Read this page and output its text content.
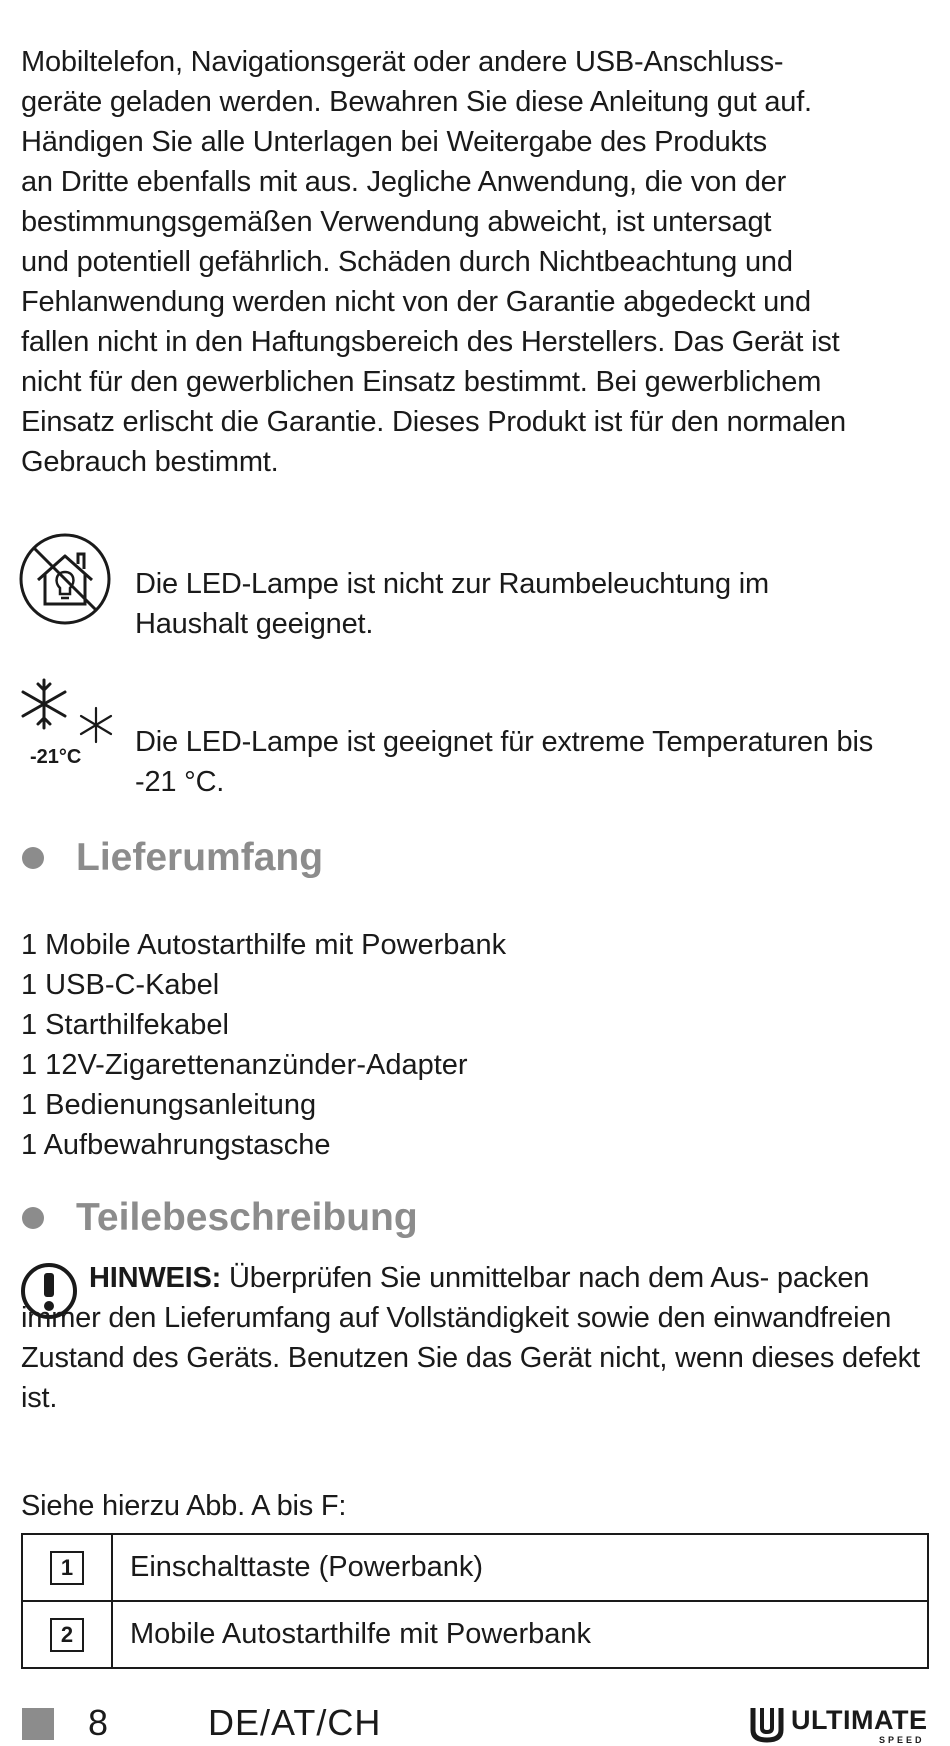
Mobiltelefon, Navigationsgerät oder andere USB-Anschluss-
geräte geladen werden. Bewahren Sie diese Anleitung gut auf.
Händigen Sie alle Unterlagen bei Weitergabe des Produkts
an Dritte ebenfalls mit aus. Jegliche Anwendung, die von der
bestimmungsgemäßen Verwendung abweicht, ist untersagt
und potentiell gefährlich. Schäden durch Nichtbeachtung und
Fehlanwendung werden nicht von der Garantie abgedeckt und
fallen nicht in den Haftungsbereich des Herstellers. Das Gerät ist
nicht für den gewerblichen Einsatz bestimmt. Bei gewerblichem
Einsatz erlischt die Garantie. Dieses Produkt ist für den normalen
Gebrauch bestimmt.

Die LED-Lampe ist nicht zur Raumbeleuchtung im
Haushalt geeignet.

-21°C Die LED-Lampe ist geeignet für extreme Temperaturen bis
-21 °C.

Lieferumfang
1 Mobile Autostarthilfe mit Powerbank
1 USB-C-Kabel
1 Starthilfekabel
1 12V-Zigarettenanzünder-Adapter
1 Bedienungsanleitung
1 Aufbewahrungstasche
Teilebeschreibung

HINWEIS: Überprüfen Sie unmittelbar nach dem Aus- packen immer den Lieferumfang auf Vollständigkeit sowie den einwandfreien Zustand des Geräts. Benutzen Sie das Gerät nicht, wenn dieses defekt ist.

Siehe hierzu Abb. A bis F:

1	Einschalttaste (Powerbank)
2	Mobile Autostarthilfe mit Powerbank
8	DE/AT/CH	ULTIMATE
SPEED
